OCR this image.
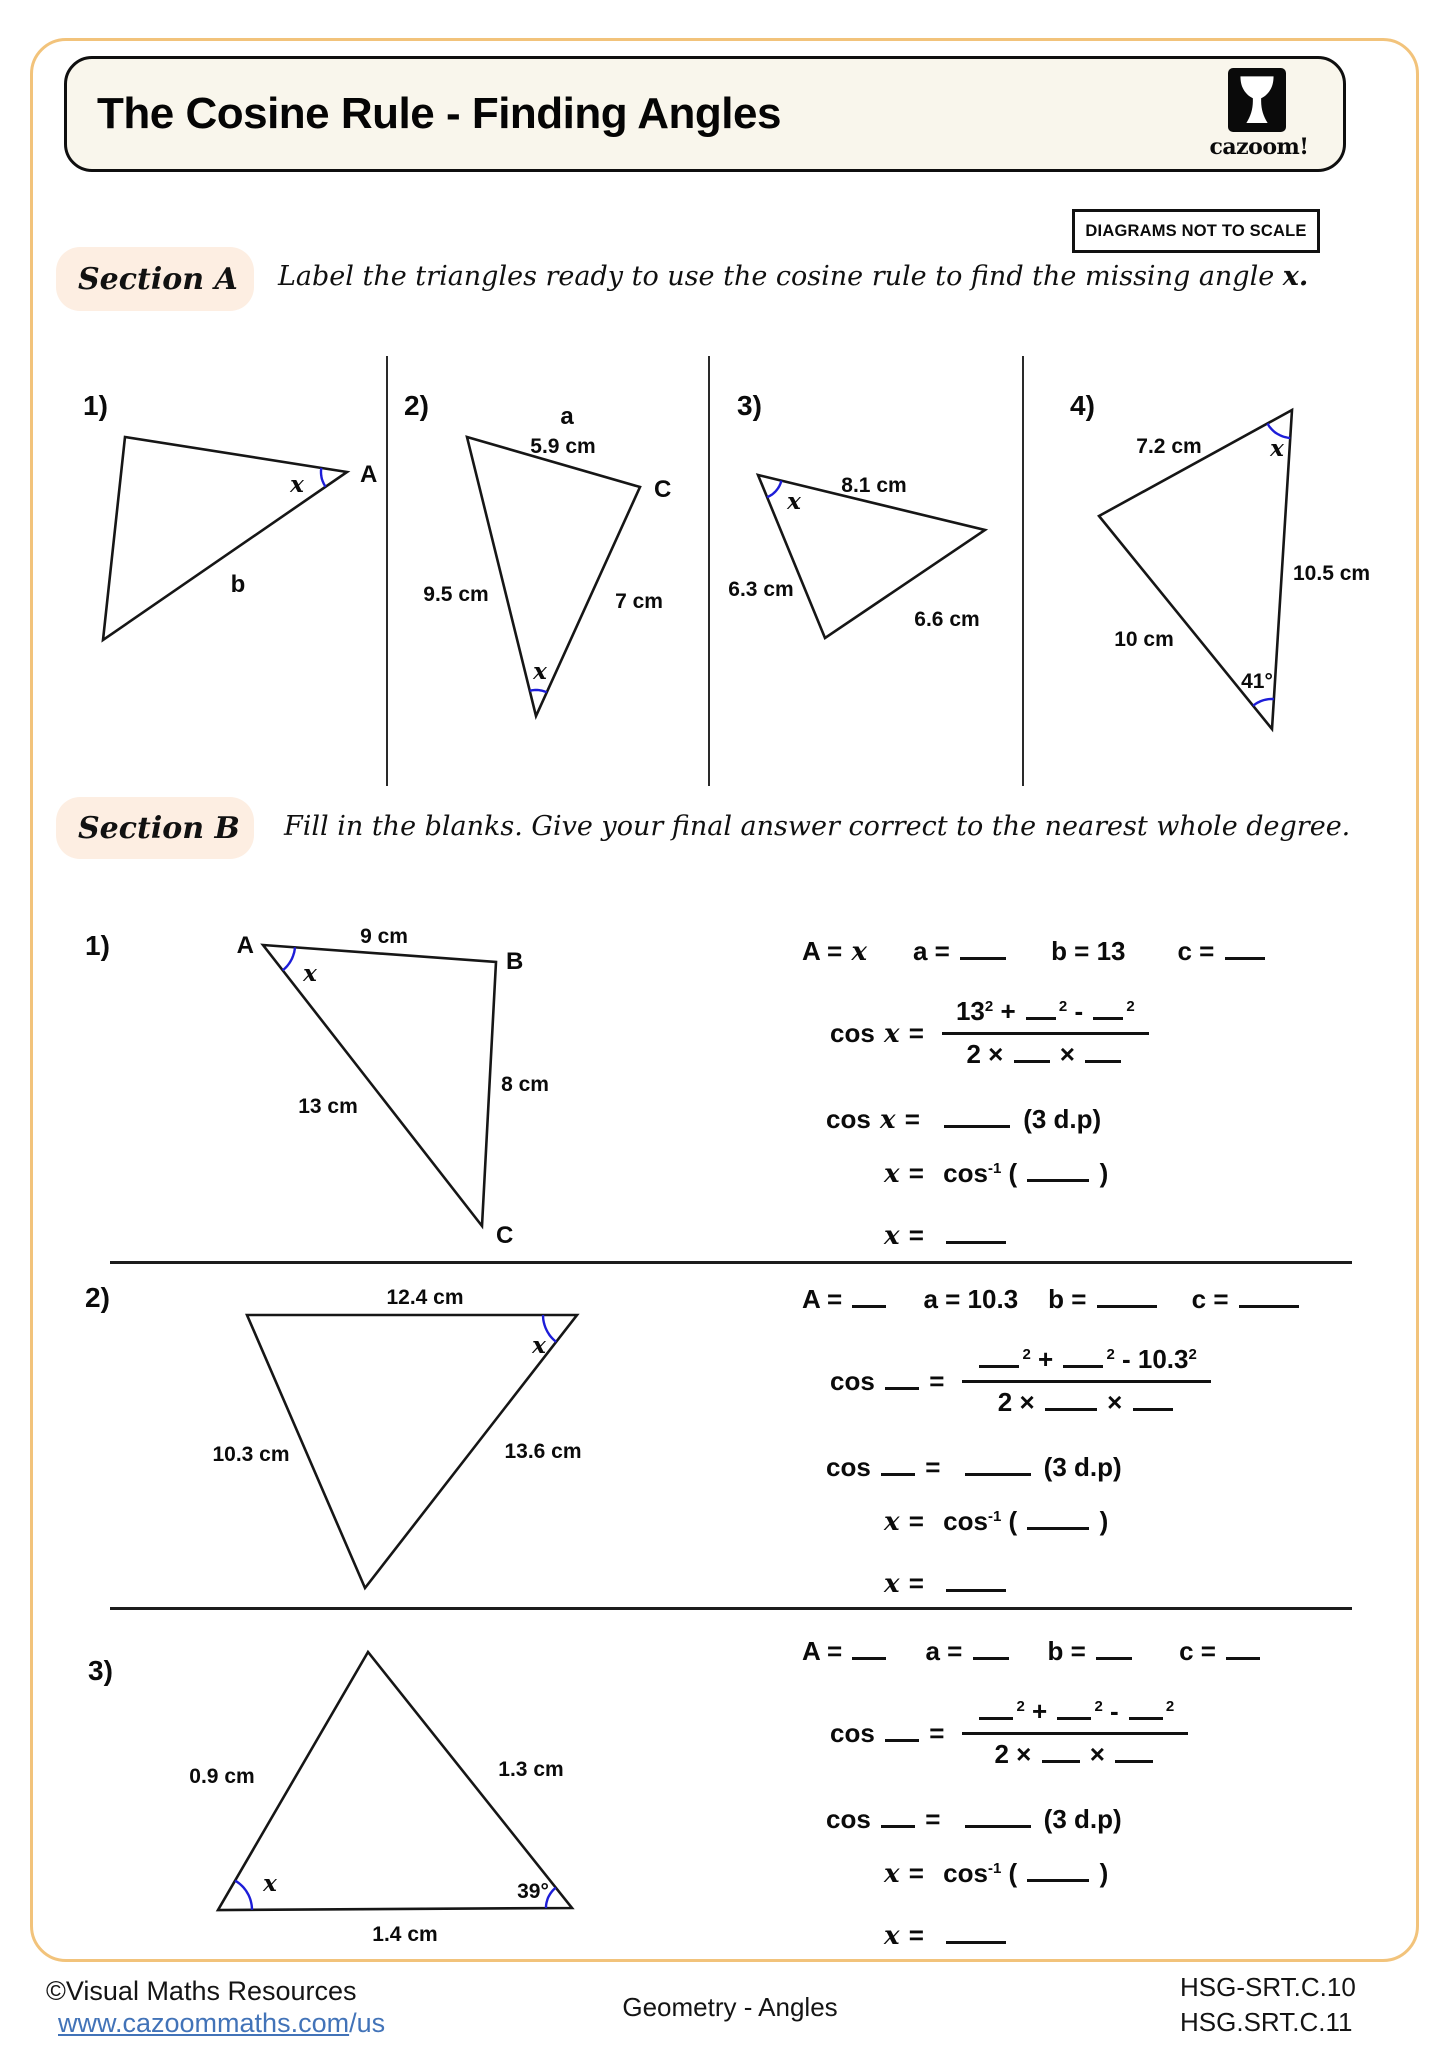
The Cosine Rule - Finding Angles
cazoom!
DIAGRAMS NOT TO SCALE
Section A	Label the triangles ready to use the cosine rule to find the missing angle x.
Section B	Fill in the blanks. Give your final answer correct to the nearest whole degree.
1)
A
x
b
2)	a
5.9 cm
C
9.5 cm	7 cm
x
3)
8.1 cm
x
6.3 cm
6.6 cm
4)
7.2 cm	x
10.5 cm
10 cm
41°
1)	A	9 cm
B
8 cm
13 cm
C
x
2)	12.4 cm
10.3 cm	13.6 cm
x
3)
0.9 cm	1.3 cm
1.4 cm
x	39°
A = x a =	b = 13 c =
$\cos x = \frac{13^2 + ^2 - ^2}{2 \times \times}$
cos x =	(3 d.p)
$x = \cos^{-1}$ (	)
x =
A =	a = 10.3 b =	c =
cos  = $^2$ +	$^2$ - 10.3$^2$
2 ×  ×
cos  =	(3 d.p)
$x = \cos^{-1}$ (	)
x =
A =	a =	b =	c =
cos  = $^2$ +	$^2$ -	$^2$
2 ×  ×
cos  =	(3 d.p)
$x = \cos^{-1}$ (	)
x =
©Visual Maths Resources
www.cazoommaths.com/us
Geometry - Angles
HSG-SRT.C.10
HSG.SRT.C.11
